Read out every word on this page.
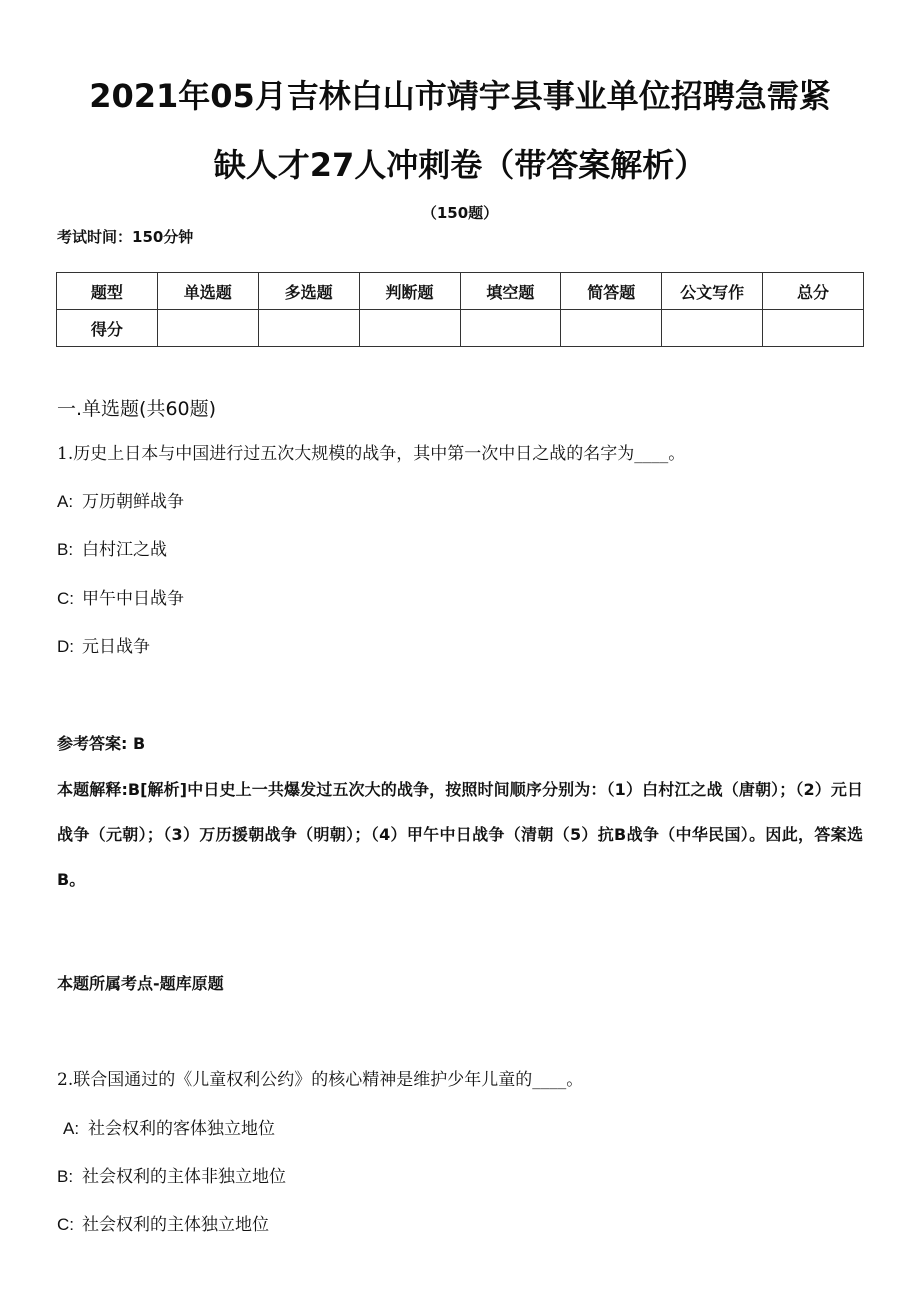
2021年05月吉林白山市靖宇县事业单位招聘急需紧
缺人才27人冲刺卷（带答案解析）
（150题）
考试时间：150分钟
题型	单选题	多选题	判断题	填空题	简答题	公文写作	总分
得分							
一.单选题(共60题)
1.历史上日本与中国进行过五次大规模的战争，其中第一次中日之战的名字为____。
A: 万历朝鲜战争
B: 白村江之战
C: 甲午中日战争
D: 元日战争
参考答案: B
本题解释:B[解析]中日史上一共爆发过五次大的战争，按照时间顺序分别为：（1）白村江之战（唐朝）；（2）元日战争（元朝）；（3）万历援朝战争（明朝）；（4）甲午中日战争（清朝（5）抗B战争（中华民国）。因此，答案选B。
本题所属考点-题库原题
2.联合国通过的《儿童权利公约》的核心精神是维护少年儿童的____。
A: 社会权利的客体独立地位
B: 社会权利的主体非独立地位
C: 社会权利的主体独立地位
